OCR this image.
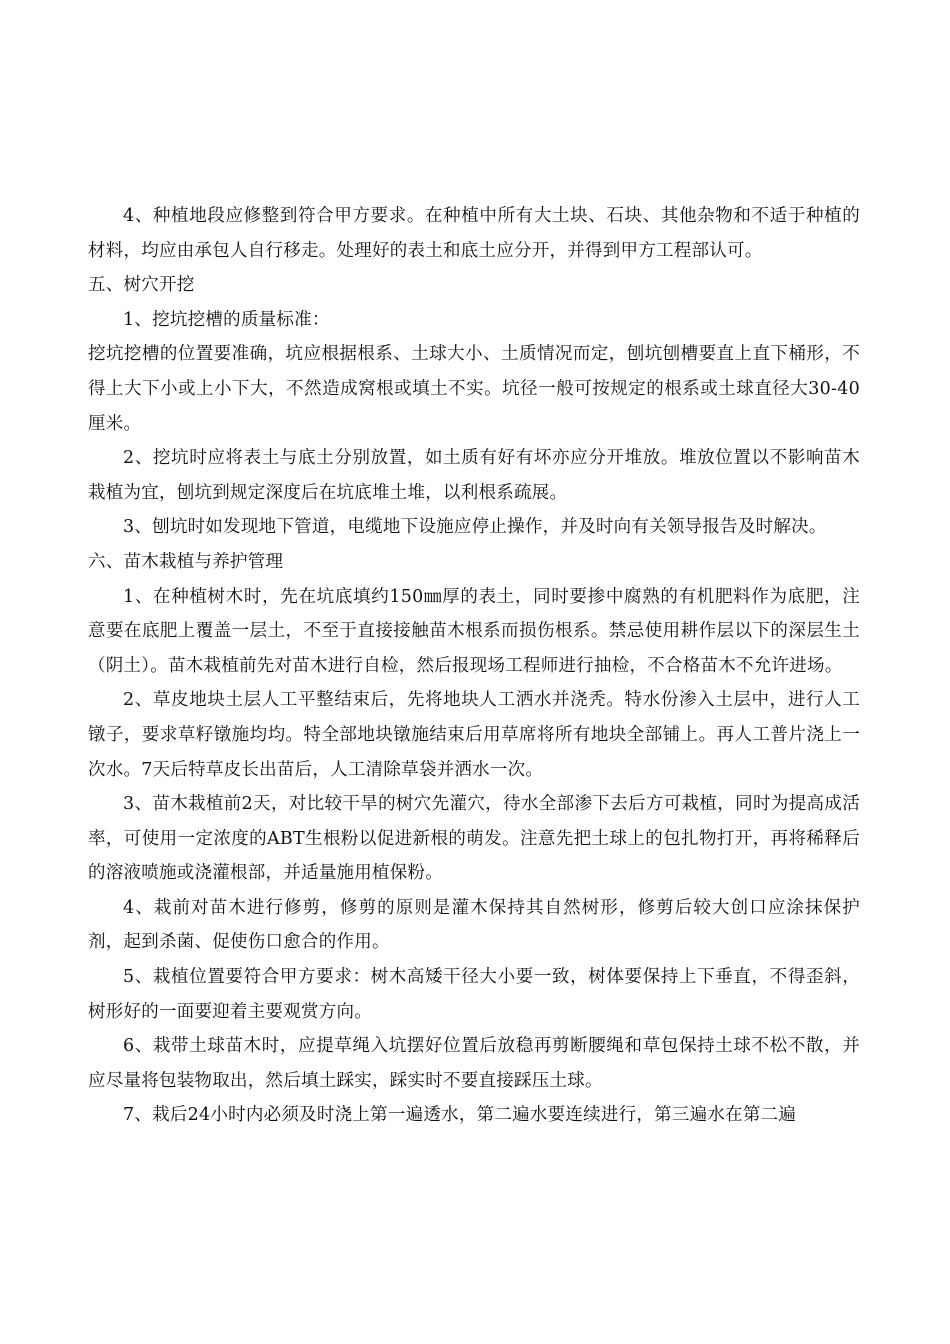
4、种植地段应修整到符合甲方要求。在种植中所有大土块、石块、其他杂物和不适于种植的材料，均应由承包人自行移走。处理好的表土和底土应分开，并得到甲方工程部认可。

五、树穴开挖

1、挖坑挖槽的质量标准：

挖坑挖槽的位置要准确，坑应根据根系、土球大小、土质情况而定，刨坑刨槽要直上直下桶形，不得上大下小或上小下大，不然造成窝根或填土不实。坑径一般可按规定的根系或土球直径大30-40厘米。

2、挖坑时应将表土与底土分别放置，如土质有好有坏亦应分开堆放。堆放位置以不影响苗木栽植为宜，刨坑到规定深度后在坑底堆土堆，以利根系疏展。

3、刨坑时如发现地下管道，电缆地下设施应停止操作，并及时向有关领导报告及时解决。

六、苗木栽植与养护管理

1、在种植树木时，先在坑底填约150㎜厚的表土，同时要掺中腐熟的有机肥料作为底肥，注意要在底肥上覆盖一层土，不至于直接接触苗木根系而损伤根系。禁忌使用耕作层以下的深层生土（阴土）。苗木栽植前先对苗木进行自检，然后报现场工程师进行抽检，不合格苗木不允许进场。

2、草皮地块土层人工平整结束后，先将地块人工洒水并浇秃。特水份渗入土层中，进行人工镦子，要求草籽镦施均均。特全部地块镦施结束后用草席将所有地块全部铺上。再人工普片浇上一次水。7天后特草皮长出苗后，人工清除草袋并洒水一次。

3、苗木栽植前2天，对比较干旱的树穴先灌穴，待水全部渗下去后方可栽植，同时为提高成活率，可使用一定浓度的ABT生根粉以促进新根的萌发。注意先把土球上的包扎物打开，再将稀释后的溶液喷施或浇灌根部，并适量施用植保粉。

4、栽前对苗木进行修剪，修剪的原则是灌木保持其自然树形，修剪后较大创口应涂抹保护剂，起到杀菌、促使伤口愈合的作用。

5、栽植位置要符合甲方要求：树木高矮干径大小要一致，树体要保持上下垂直，不得歪斜，树形好的一面要迎着主要观赏方向。

6、栽带土球苗木时，应提草绳入坑摆好位置后放稳再剪断腰绳和草包保持土球不松不散，并应尽量将包装物取出，然后填土踩实，踩实时不要直接踩压土球。

7、栽后24小时内必须及时浇上第一遍透水，第二遍水要连续进行，第三遍水在第二遍
